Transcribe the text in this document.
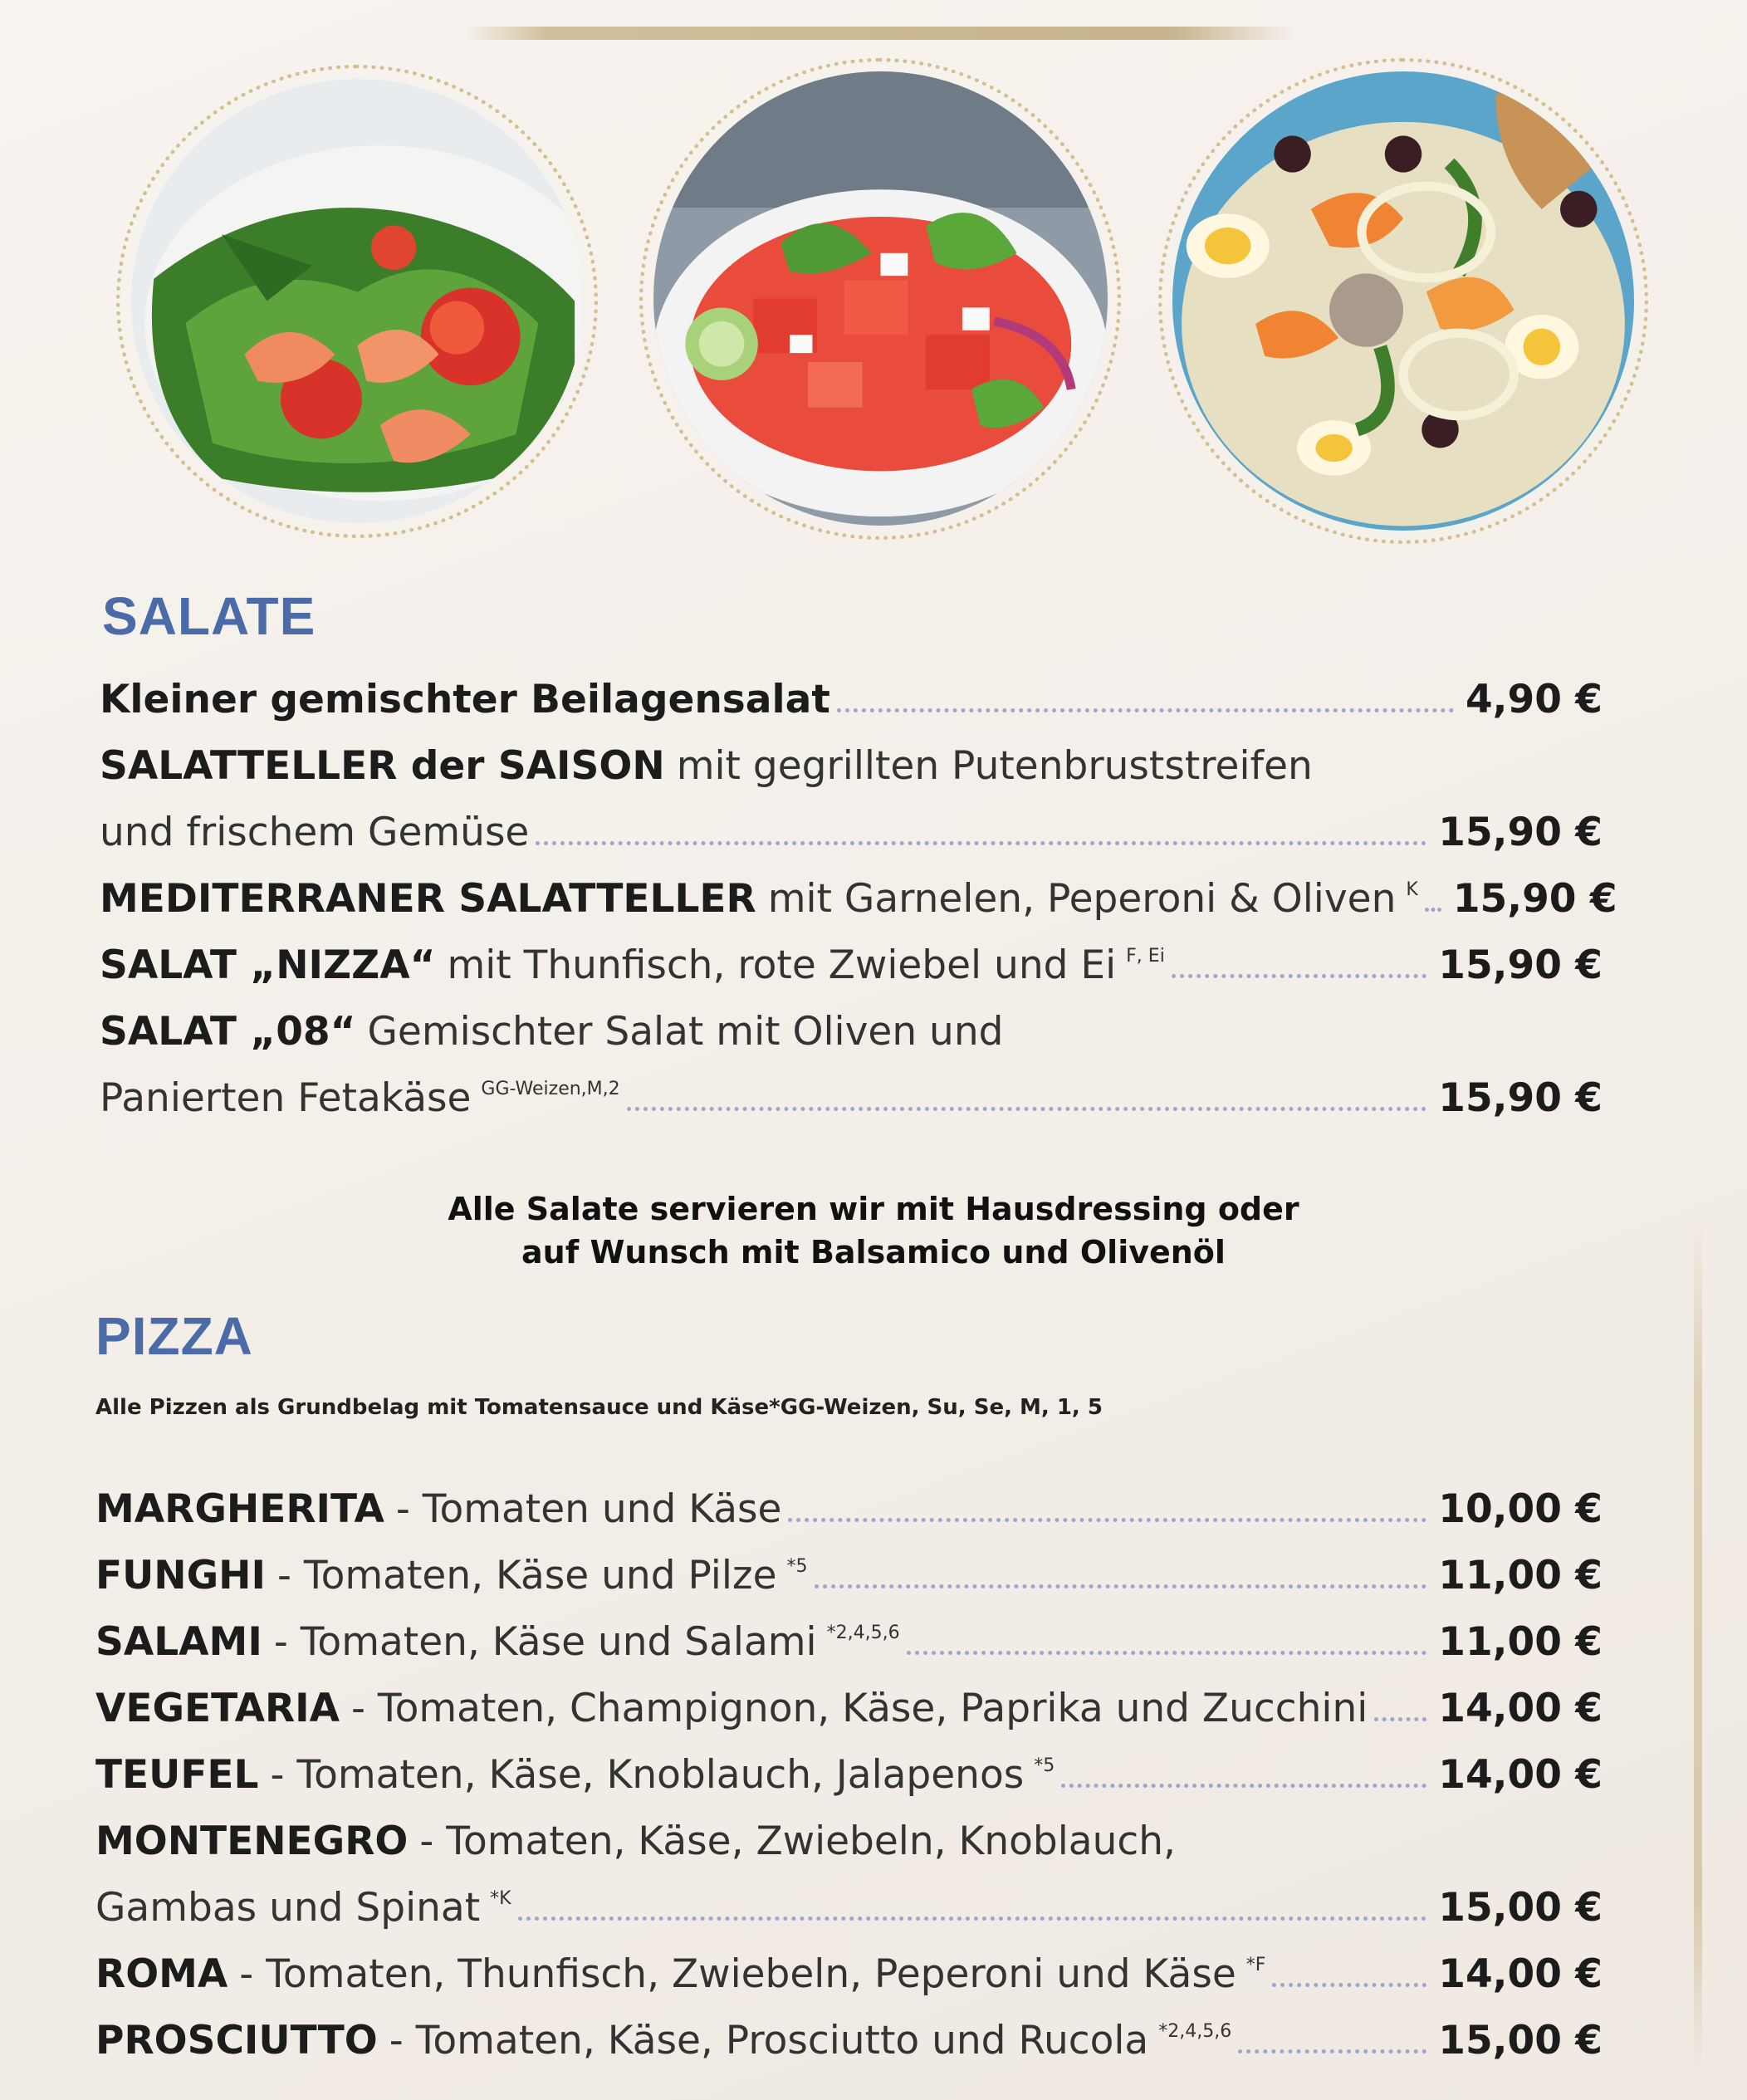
SALATE
Kleiner gemischter Beilagensalat	4,90 €
SALATTELLER der SAISON mit gegrillten Putenbruststreifen
und frischem Gemüse	15,90 €
MEDITERRANER SALATTELLER mit Garnelen, Peperoni & Oliven K 15,90 €
SALAT „NIZZA“ mit Thunfisch, rote Zwiebel und Ei F, Ei	15,90 €
SALAT „08“ Gemischter Salat mit Oliven und
Panierten Fetakäse GG-Weizen,M,2	15,90 €
Alle Salate servieren wir mit Hausdressing oder
auf Wunsch mit Balsamico und Olivenöl
PIZZA
Alle Pizzen als Grundbelag mit Tomatensauce und Käse*GG-Weizen, Su, Se, M, 1, 5
MARGHERITA - Tomaten und Käse	10,00 €
FUNGHI - Tomaten, Käse und Pilze *5	11,00 €
SALAMI - Tomaten, Käse und Salami *2,4,5,6	11,00 €
VEGETARIA - Tomaten, Champignon, Käse, Paprika und Zucchini 14,00 €
TEUFEL - Tomaten, Käse, Knoblauch, Jalapenos *5	14,00 €
MONTENEGRO - Tomaten, Käse, Zwiebeln, Knoblauch,
Gambas und Spinat *K	15,00 €
ROMA - Tomaten, Thunfisch, Zwiebeln, Peperoni und Käse *F	14,00 €
PROSCIUTTO - Tomaten, Käse, Prosciutto und Rucola *2,4,5,6	15,00 €
